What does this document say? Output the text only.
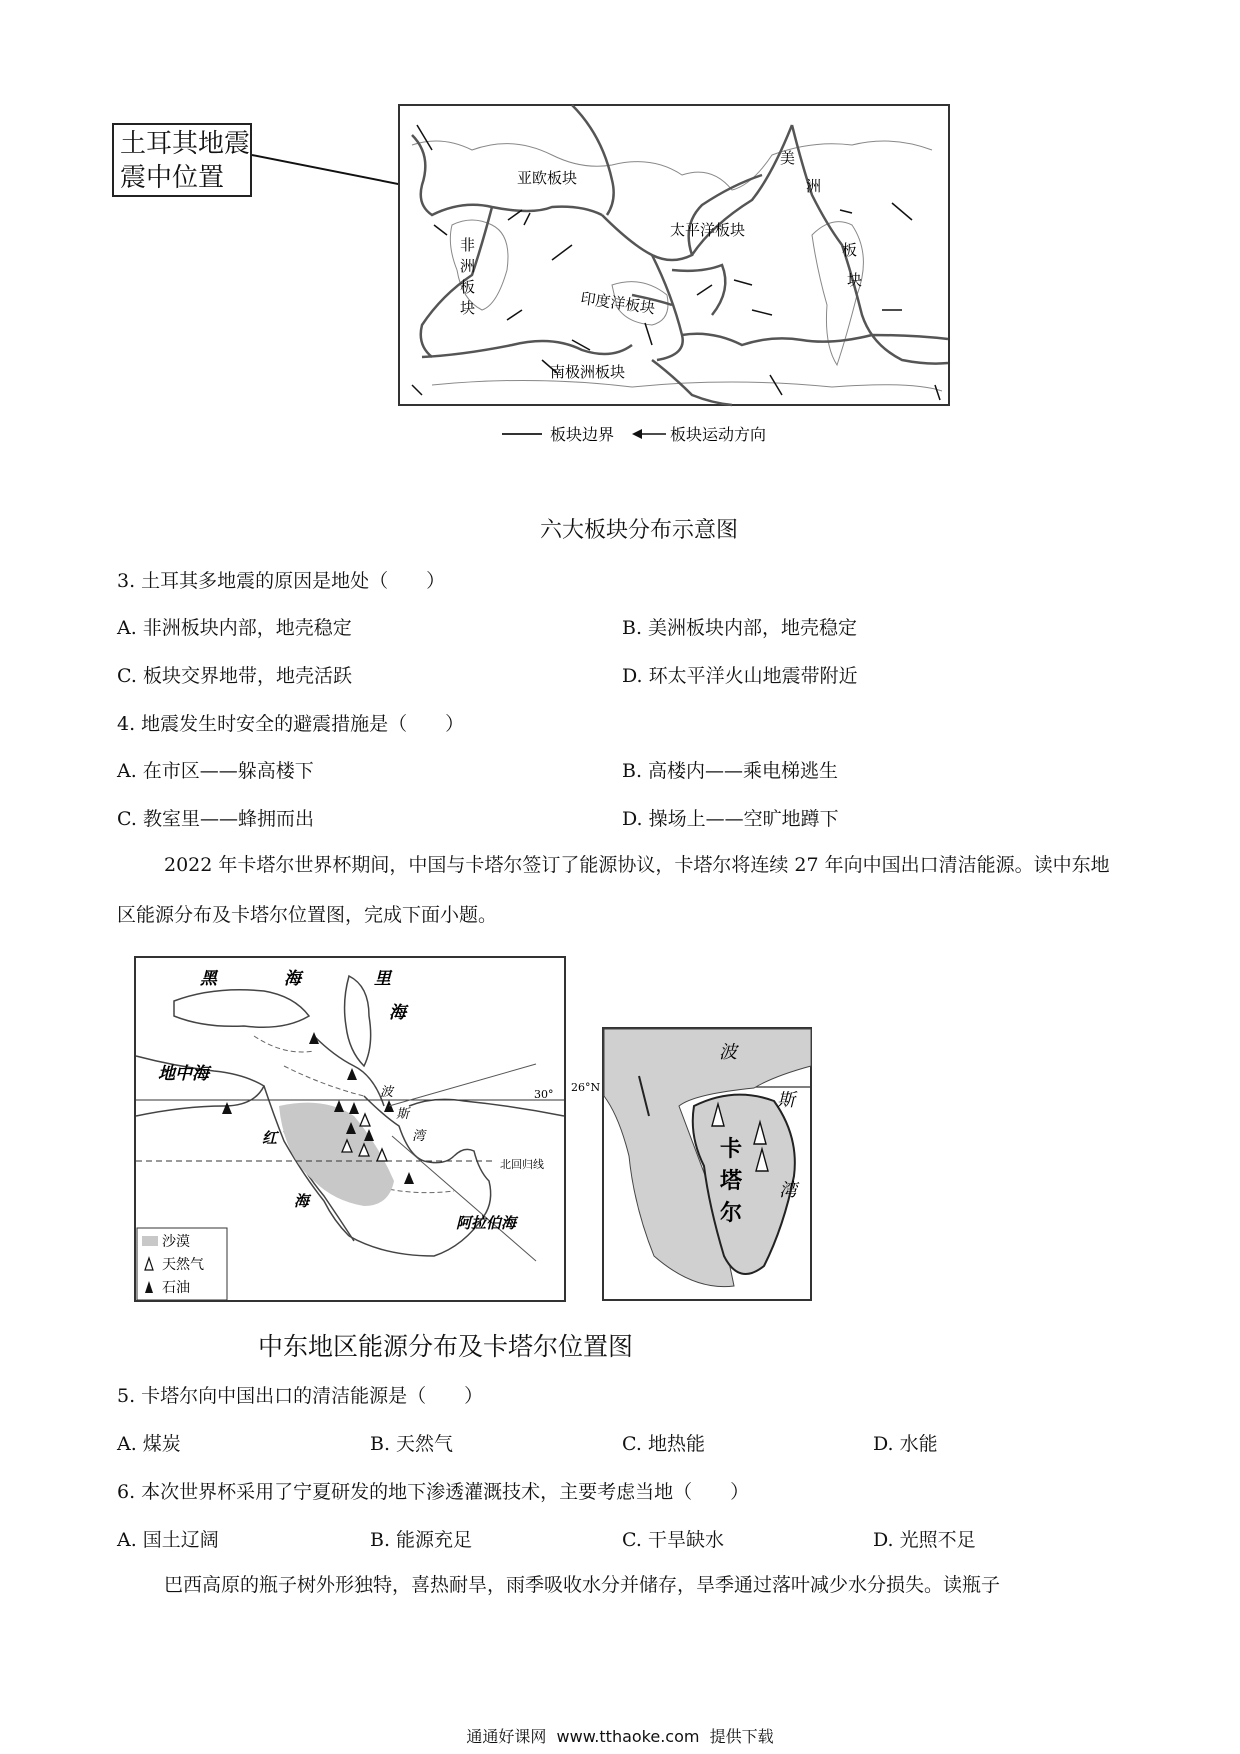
土耳其地震
震中位置	亚欧板块
非
洲
板
块
太平洋板块
印度洋板块
南极洲板块
美
洲
板
块
板块边界	板块运动方向
六大板块分布示意图
3. 土耳其多地震的原因是地处（　　）
A. 非洲板块内部，地壳稳定	B. 美洲板块内部，地壳稳定
C. 板块交界地带，地壳活跃	D. 环太平洋火山地震带附近
4. 地震发生时安全的避震措施是（　　）
A. 在市区——躲高楼下	B. 高楼内——乘电梯逃生
C. 教室里——蜂拥而出	D. 操场上——空旷地蹲下
2022 年卡塔尔世界杯期间，中国与卡塔尔签订了能源协议，卡塔尔将连续 27 年向中国出口清洁能源。读中东地区能源分布及卡塔尔位置图，完成下面小题。
沙漠
天然气
石油
黑	海	里
海
地中海
红
海
波
斯
湾
阿拉伯海
北回归线
30°
26°N
波
斯
湾
卡
塔
尔
中东地区能源分布及卡塔尔位置图
5. 卡塔尔向中国出口的清洁能源是（　　）
A. 煤炭	B. 天然气	C. 地热能	D. 水能
6. 本次世界杯采用了宁夏研发的地下渗透灌溉技术，主要考虑当地（　　）
A. 国土辽阔	B. 能源充足	C. 干旱缺水	D. 光照不足
巴西高原的瓶子树外形独特，喜热耐旱，雨季吸收水分并储存，旱季通过落叶减少水分损失。读瓶子
通通好课网  www.tthaoke.com  提供下载
